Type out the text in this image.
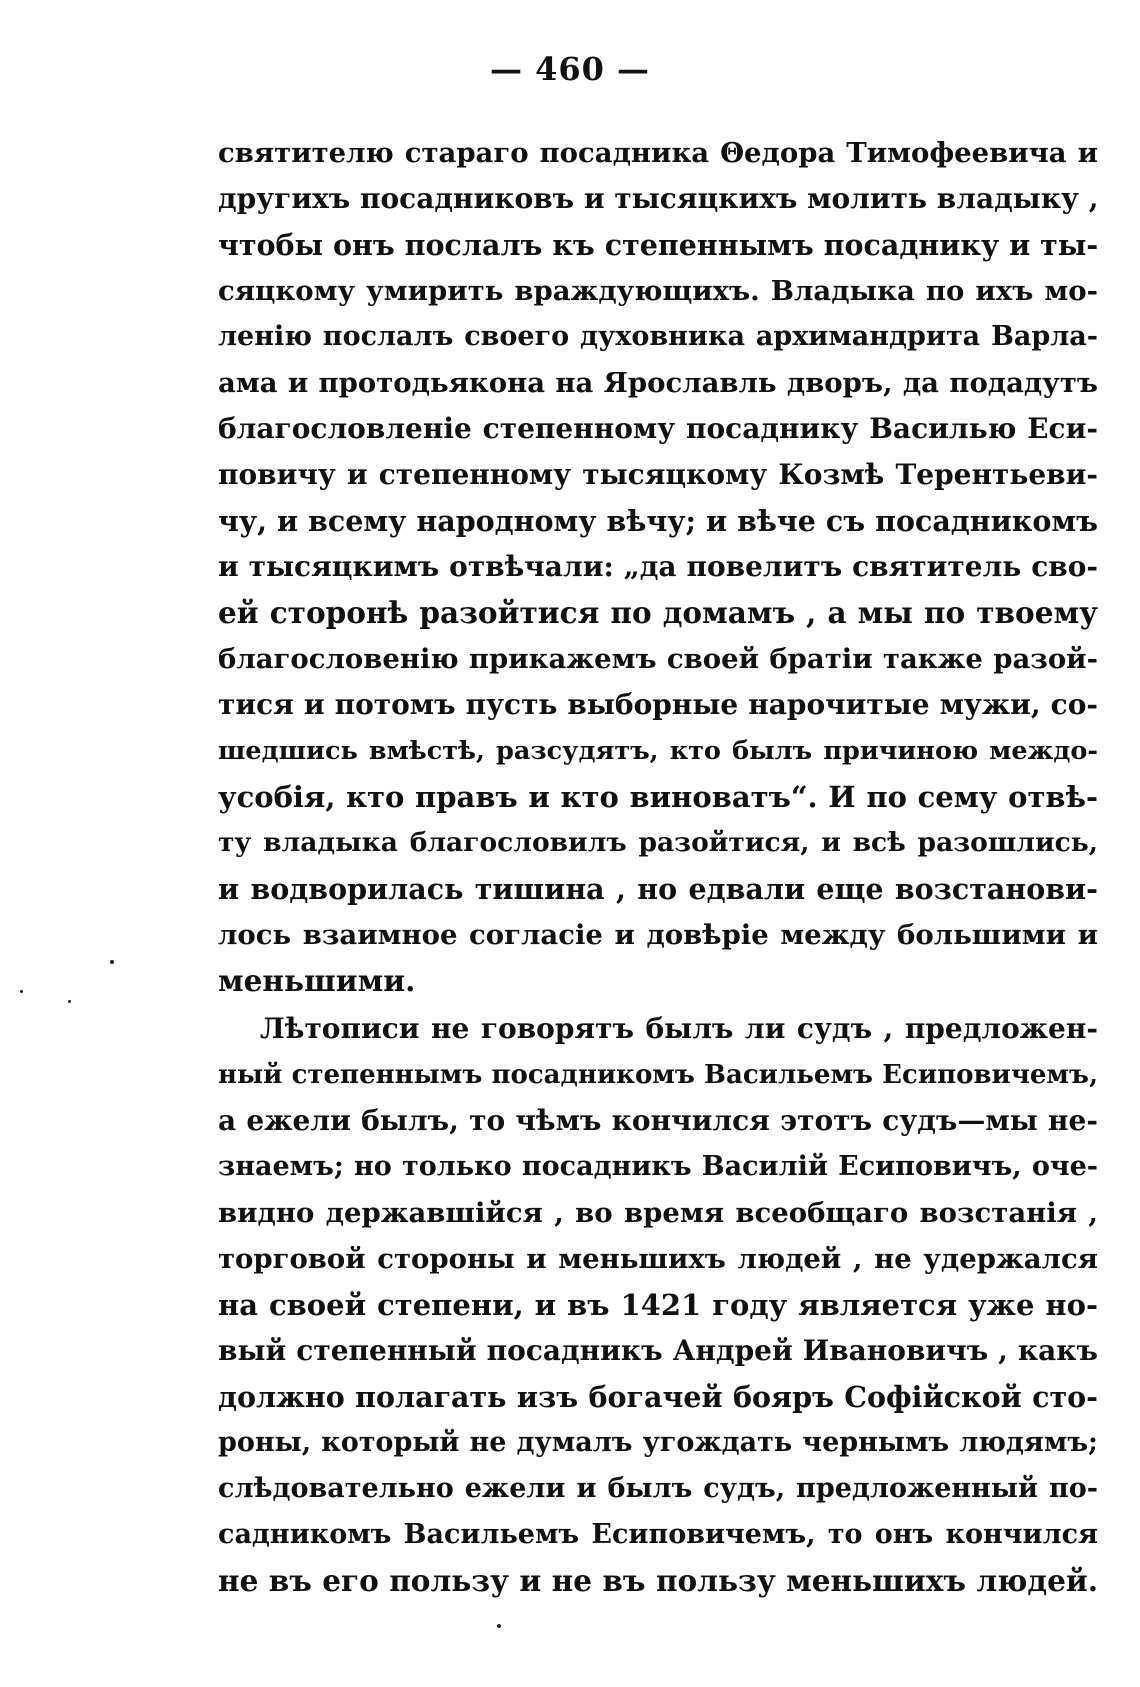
— 460 —
святителю стараго посадника Θедора Тимофеевича и
другихъ посадниковъ и тысяцкихъ молить владыку ,
чтобы онъ послалъ къ степеннымъ посаднику и ты-
сяцкому умирить враждующихъ. Владыка по ихъ мо-
ленію послалъ своего духовника архимандрита Варла-
ама и протодьякона на Ярославль дворъ, да подадутъ
благословленіе степенному посаднику Василью Еси-
повичу и степенному тысяцкому Козмѣ Терентьеви-
чу, и всему народному вѣчу; и вѣче съ посадникомъ
и тысяцкимъ отвѣчали: „да повелитъ святитель сво-
ей сторонѣ разойтися по домамъ , а мы по твоему
благословенію прикажемъ своей братіи также разой-
тися и потомъ пусть выборные нарочитые мужи, со-
шедшись вмѣстѣ, разсудятъ, кто былъ причиною междо-
усобія, кто правъ и кто виноватъ“. И по сему отвѣ-
ту владыка благословилъ разойтися, и всѣ разошлись,
и водворилась тишина , но едвали еще возстанови-
лось взаимное согласіе и довѣріе между большими и
меньшими.
Лѣтописи не говорятъ былъ ли судъ , предложен-
ный степеннымъ посадникомъ Васильемъ Есиповичемъ,
а ежели былъ, то чѣмъ кончился этотъ судъ—мы не-
знаемъ; но только посадникъ Василій Есиповичъ, оче-
видно державшійся , во время всеобщаго возстанія ,
торговой стороны и меньшихъ людей , не удержался
на своей степени, и въ 1421 году является уже но-
вый степенный посадникъ Андрей Ивановичъ , какъ
должно полагать изъ богачей бояръ Софійской сто-
роны, который не думалъ угождать чернымъ людямъ;
слѣдовательно ежели и былъ судъ, предложенный по-
садникомъ Васильемъ Есиповичемъ, то онъ кончился
не въ его пользу и не въ пользу меньшихъ людей.
